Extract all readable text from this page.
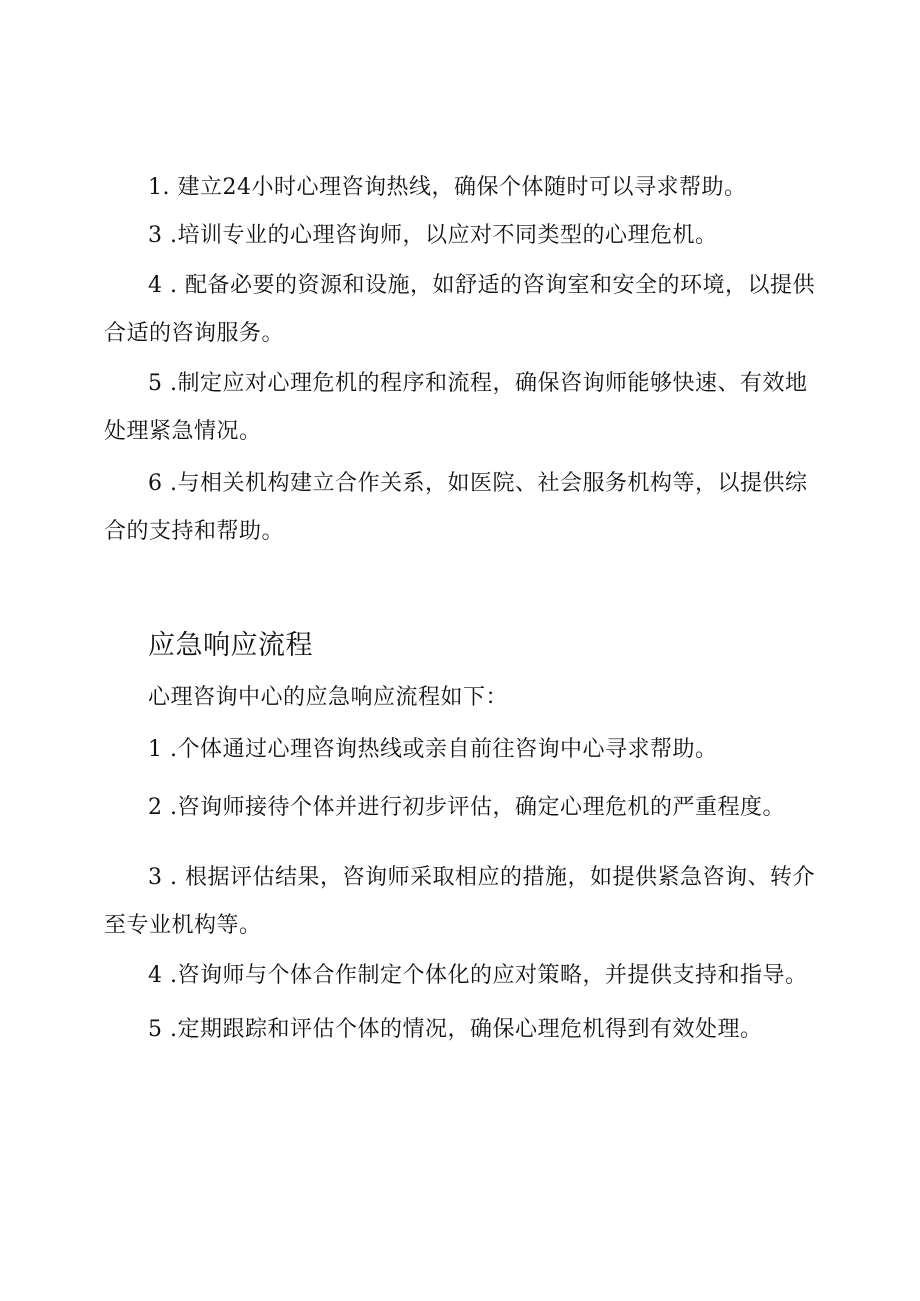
1. 建立24小时心理咨询热线，确保个体随时可以寻求帮助。

3 .培训专业的心理咨询师，以应对不同类型的心理危机。

4 . 配备必要的资源和设施，如舒适的咨询室和安全的环境，以提供合适的咨询服务。

5 .制定应对心理危机的程序和流程，确保咨询师能够快速、有效地处理紧急情况。

6 .与相关机构建立合作关系，如医院、社会服务机构等，以提供综合的支持和帮助。

应急响应流程

心理咨询中心的应急响应流程如下：

1 .个体通过心理咨询热线或亲自前往咨询中心寻求帮助。

2 .咨询师接待个体并进行初步评估，确定心理危机的严重程度。

3 . 根据评估结果，咨询师采取相应的措施，如提供紧急咨询、转介至专业机构等。

4 .咨询师与个体合作制定个体化的应对策略，并提供支持和指导。

5 .定期跟踪和评估个体的情况，确保心理危机得到有效处理。
